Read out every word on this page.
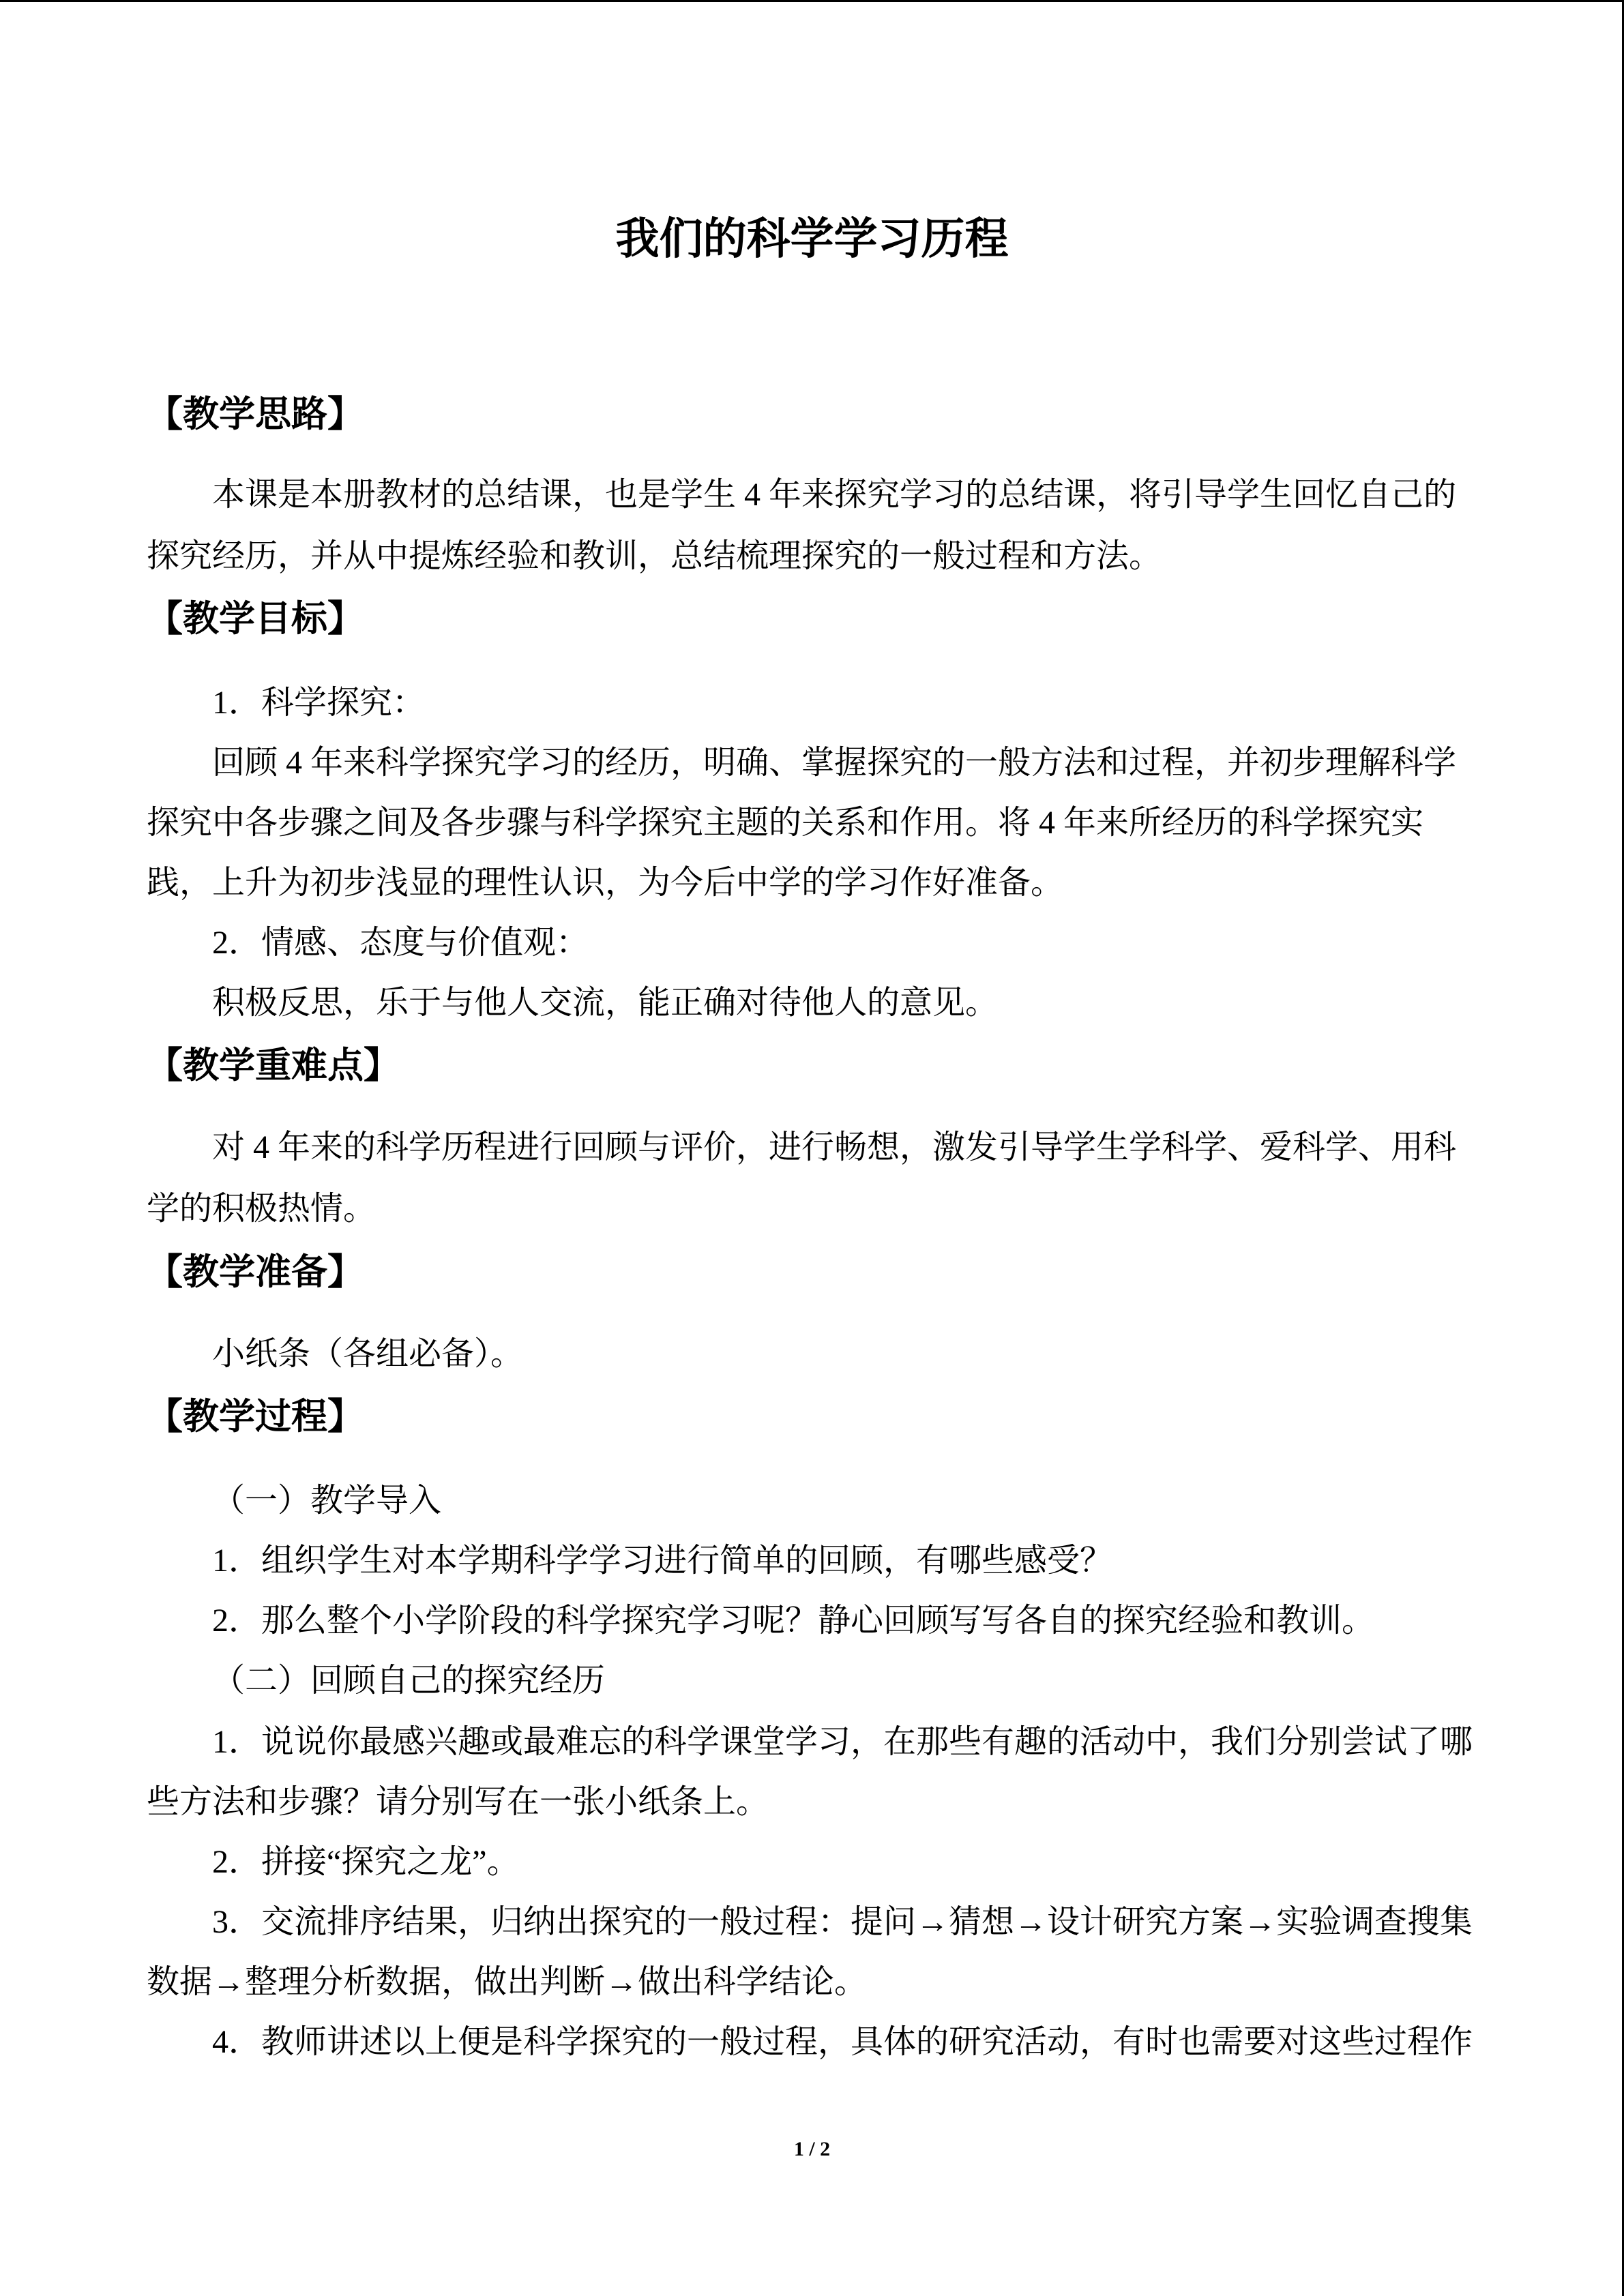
我们的科学学习历程
【教学思路】
本课是本册教材的总结课，也是学生 4 年来探究学习的总结课，将引导学生回忆自己的
探究经历，并从中提炼经验和教训，总结梳理探究的一般过程和方法。
【教学目标】
1．科学探究：
回顾 4 年来科学探究学习的经历，明确、掌握探究的一般方法和过程，并初步理解科学
探究中各步骤之间及各步骤与科学探究主题的关系和作用。将 4 年来所经历的科学探究实
践，上升为初步浅显的理性认识，为今后中学的学习作好准备。
2．情感、态度与价值观：
积极反思，乐于与他人交流，能正确对待他人的意见。
【教学重难点】
对 4 年来的科学历程进行回顾与评价，进行畅想，激发引导学生学科学、爱科学、用科
学的积极热情。
【教学准备】
小纸条（各组必备）。
【教学过程】
（一）教学导入
1．组织学生对本学期科学学习进行简单的回顾，有哪些感受？
2．那么整个小学阶段的科学探究学习呢？静心回顾写写各自的探究经验和教训。
（二）回顾自己的探究经历
1．说说你最感兴趣或最难忘的科学课堂学习，在那些有趣的活动中，我们分别尝试了哪
些方法和步骤？请分别写在一张小纸条上。
2．拼接“探究之龙”。
3．交流排序结果，归纳出探究的一般过程：提问→猜想→设计研究方案→实验调查搜集
数据→整理分析数据，做出判断→做出科学结论。
4．教师讲述以上便是科学探究的一般过程，具体的研究活动，有时也需要对这些过程作
1 / 2
